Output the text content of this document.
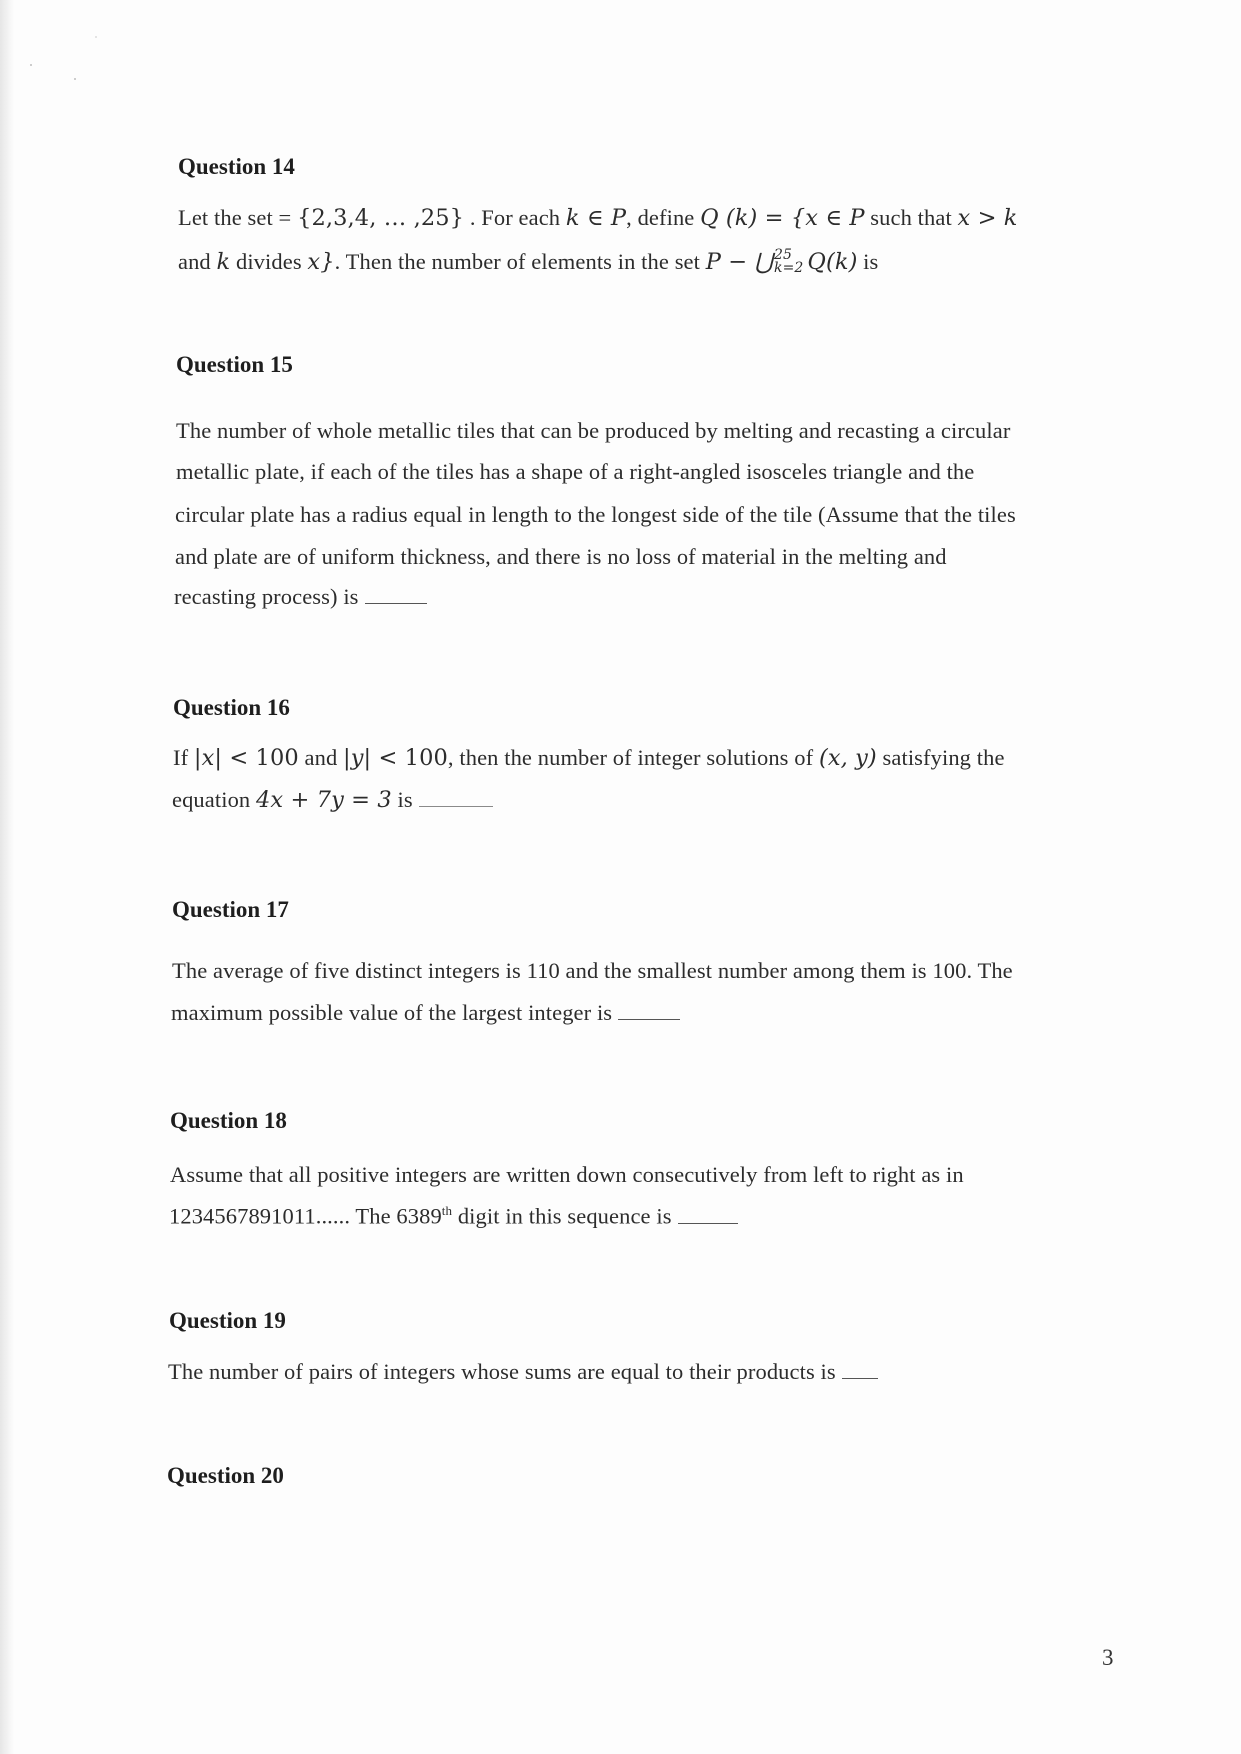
Question 14
Let the set = {2,3,4, … ,25} . For each k ∈ P, define Q (k) = {x ∈ P such that x > k
and k divides x}. Then the number of elements in the set P − ⋃ 25
k=2 Q(k) is
Question 15
The number of whole metallic tiles that can be produced by melting and recasting a circular
metallic plate, if each of the tiles has a shape of a right-angled isosceles triangle and the
circular plate has a radius equal in length to the longest side of the tile (Assume that the tiles
and plate are of uniform thickness, and there is no loss of material in the melting and
recasting process) is
Question 16
If |x| < 100 and |y| < 100, then the number of integer solutions of (x, y) satisfying the
equation 4x + 7y = 3 is
Question 17
The average of five distinct integers is 110 and the smallest number among them is 100. The
maximum possible value of the largest integer is
Question 18
Assume that all positive integers are written down consecutively from left to right as in
1234567891011...... The 6389th digit in this sequence is
Question 19
The number of pairs of integers whose sums are equal to their products is
Question 20
3
